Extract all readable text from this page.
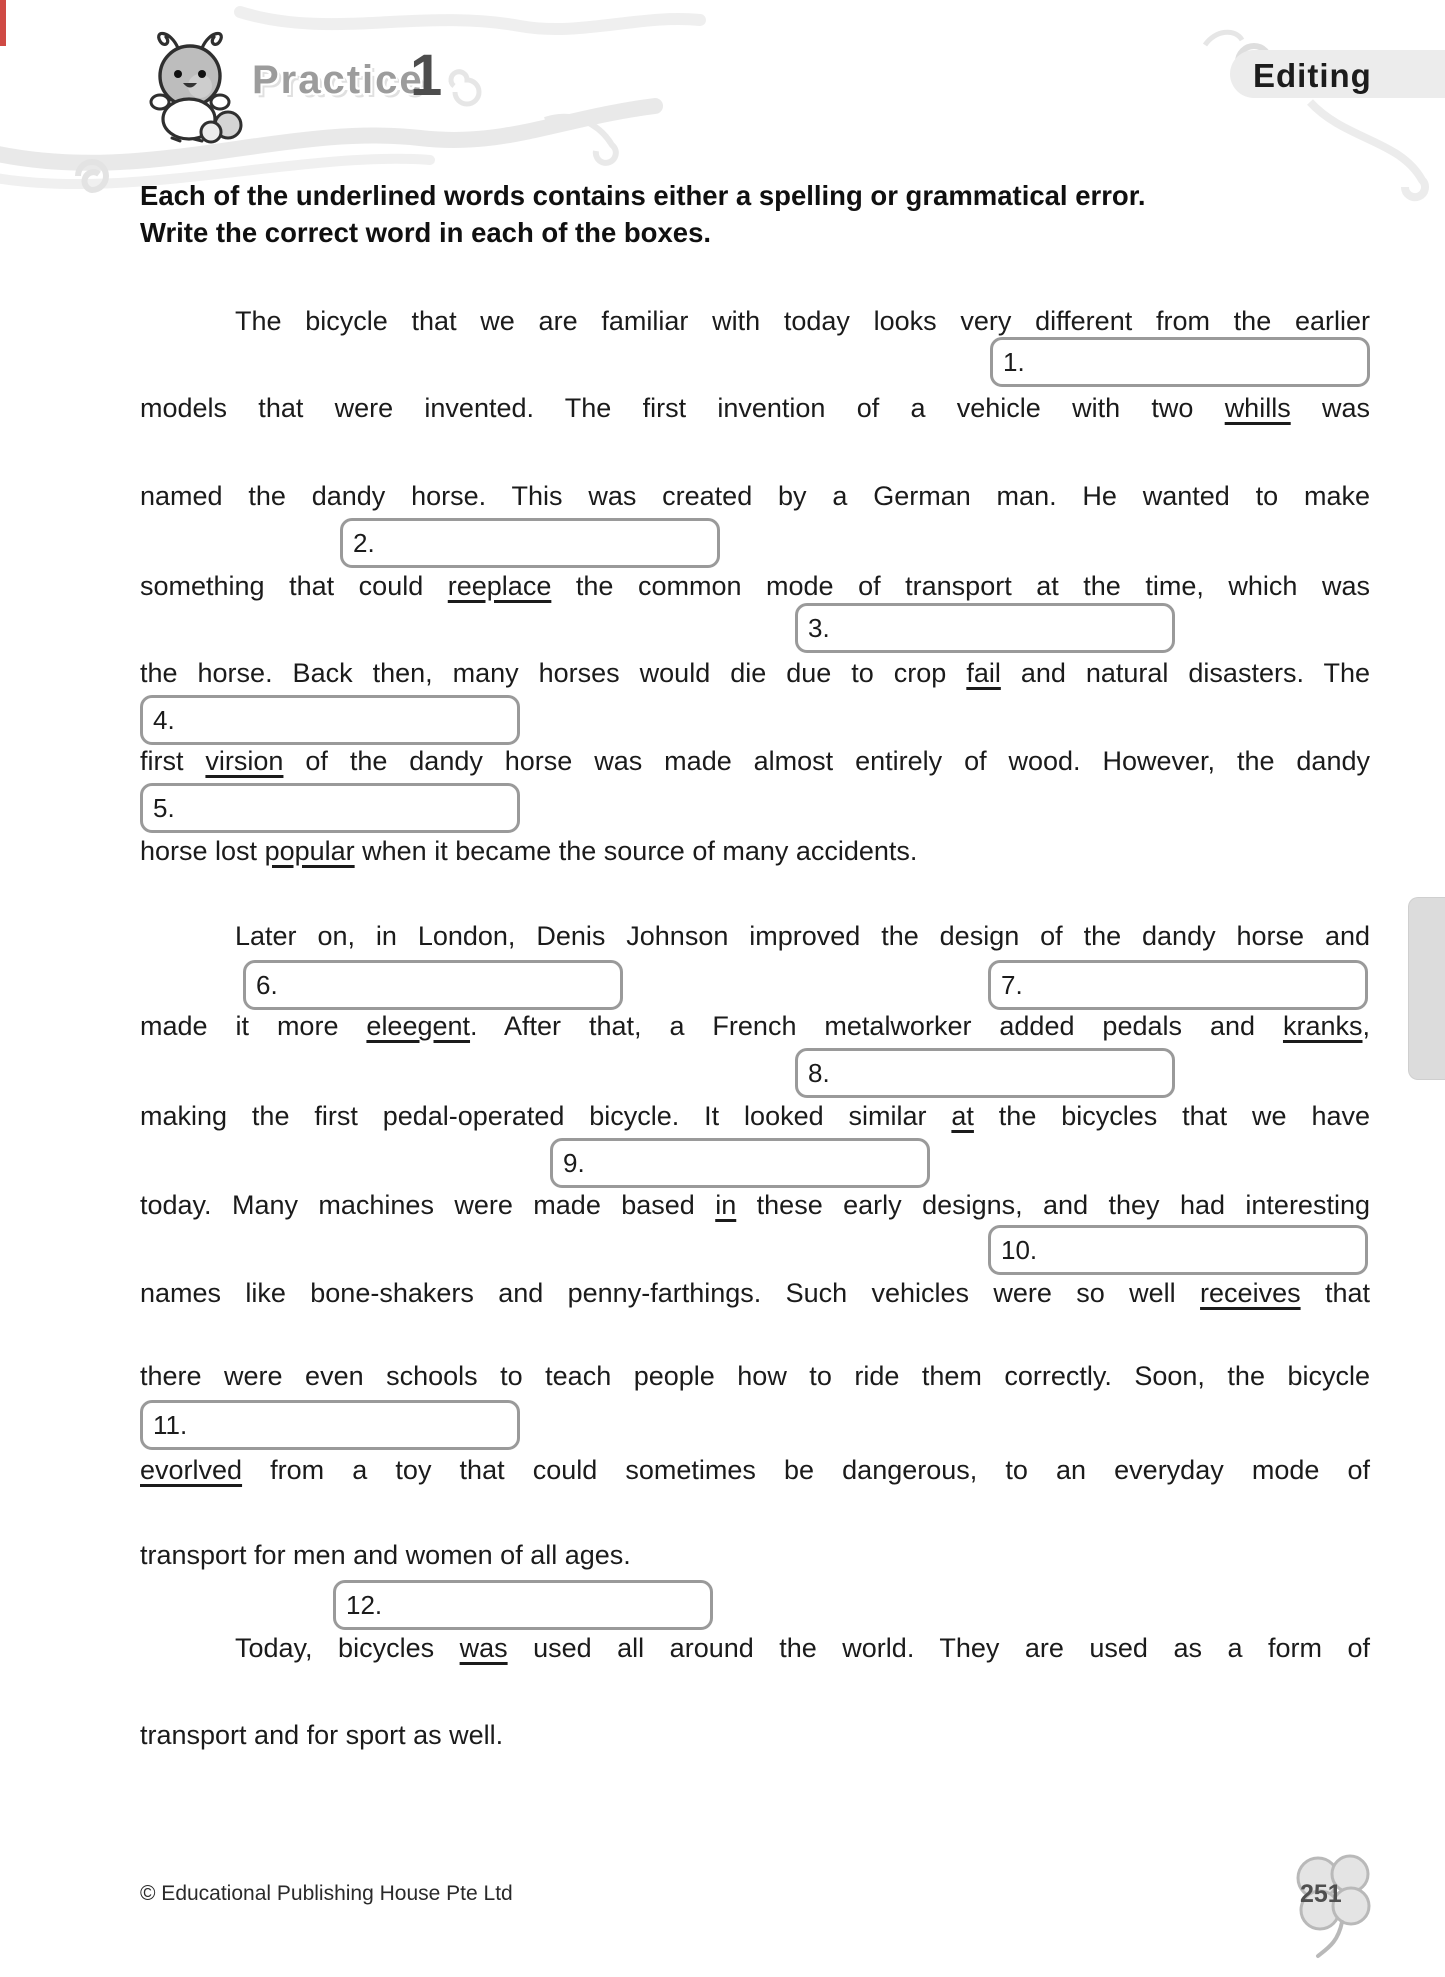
Practice
1	Editing
Each of the underlined words contains either a spelling or grammatical error.
Write the correct word in each of the boxes.
The bicycle that we are familiar with today looks very different from the earlier
models that were invented. The first invention of a vehicle with two whills was
named the dandy horse. This was created by a German man. He wanted to make
something that could reeplace the common mode of transport at the time, which was
the horse. Back then, many horses would die due to crop fail and natural disasters. The
first virsion of the dandy horse was made almost entirely of wood. However, the dandy
horse lost popular when it became the source of many accidents.
Later on, in London, Denis Johnson improved the design of the dandy horse and
made it more eleegent. After that, a French metalworker added pedals and kranks,
making the first pedal-operated bicycle. It looked similar at the bicycles that we have
today. Many machines were made based in these early designs, and they had interesting
names like bone-shakers and penny-farthings. Such vehicles were so well receives that
there were even schools to teach people how to ride them correctly. Soon, the bicycle
evorlved from a toy that could sometimes be dangerous, to an everyday mode of
transport for men and women of all ages.
Today, bicycles was used all around the world. They are used as a form of
transport and for sport as well.
1.
2.
3.
4.
5.
6.	7.
8.
9.
10.
11.
12.
© Educational Publishing House Pte Ltd	251
